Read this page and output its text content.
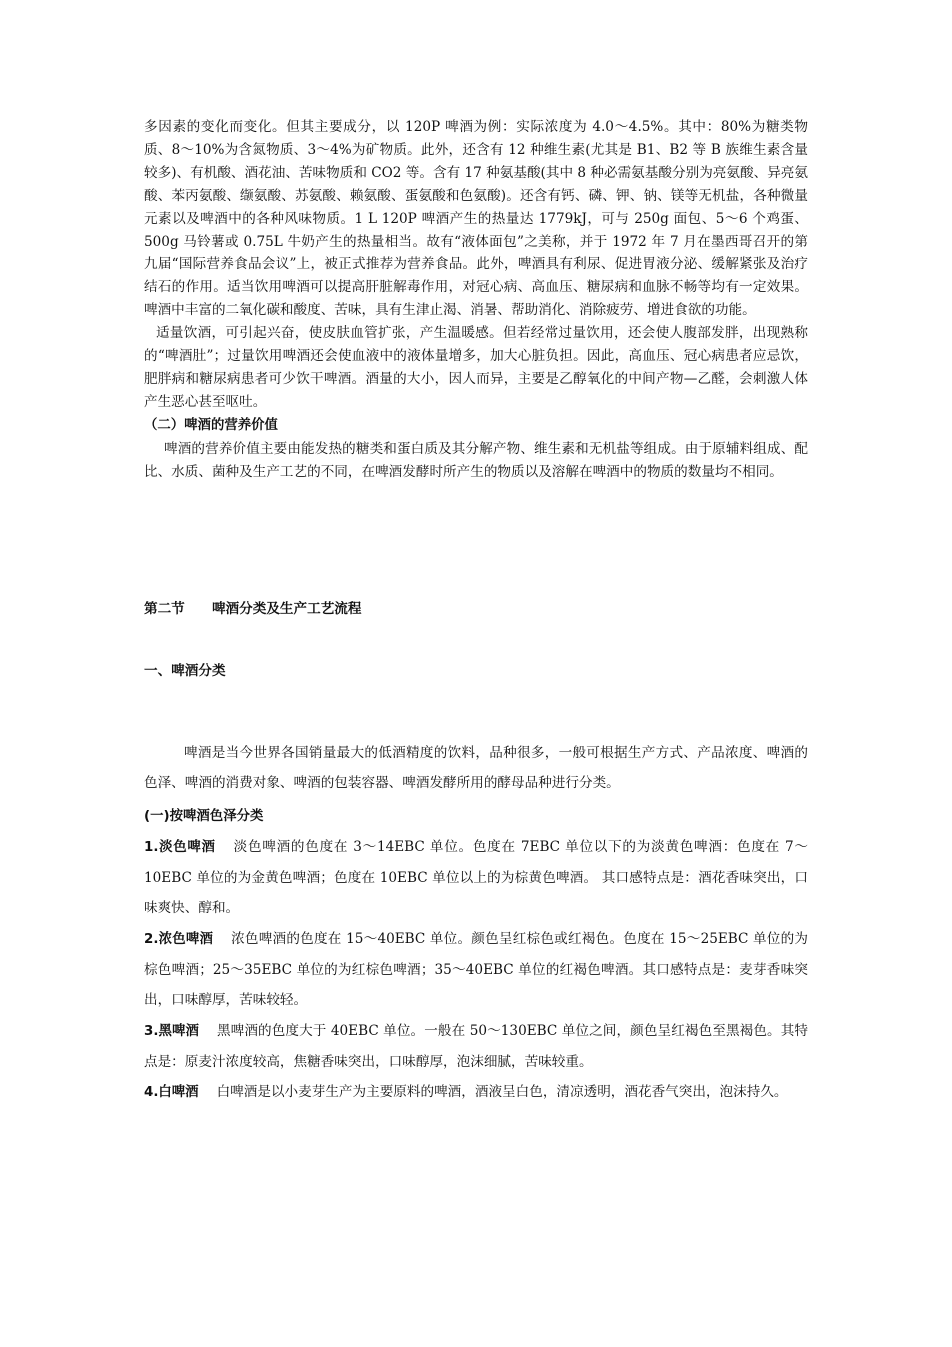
多因素的变化而变化。但其主要成分，以 120P 啤酒为例：实际浓度为 4.0～4.5%。其中：80%为糖类物质、8～10%为含氮物质、3～4%为矿物质。此外，还含有 12 种维生素(尤其是 B1、B2 等 B 族维生素含量较多)、有机酸、酒花油、苦味物质和 CO2 等。含有 17 种氨基酸(其中 8 种必需氨基酸分别为亮氨酸、异亮氨酸、苯丙氨酸、缬氨酸、苏氨酸、赖氨酸、蛋氨酸和色氨酸)。还含有钙、磷、钾、钠、镁等无机盐，各种微量元素以及啤酒中的各种风味物质。1 L 120P 啤酒产生的热量达 1779kJ，可与 250g 面包、5～6 个鸡蛋、500g 马铃薯或 0.75L 牛奶产生的热量相当。故有“液体面包”之美称，并于 1972 年 7 月在墨西哥召开的第九届“国际营养食品会议”上，被正式推荐为营养食品。此外，啤酒具有利尿、促进胃液分泌、缓解紧张及治疗结石的作用。适当饮用啤酒可以提高肝脏解毒作用，对冠心病、高血压、糖尿病和血脉不畅等均有一定效果。啤酒中丰富的二氧化碳和酸度、苦味，具有生津止渴、消暑、帮助消化、消除疲劳、增进食欲的功能。

适量饮酒，可引起兴奋，使皮肤血管扩张，产生温暖感。但若经常过量饮用，还会使人腹部发胖，出现熟称的“啤酒肚”；过量饮用啤酒还会使血液中的液体量增多，加大心脏负担。因此，高血压、冠心病患者应忌饮，肥胖病和糖尿病患者可少饮干啤酒。酒量的大小，因人而异，主要是乙醇氧化的中间产物—乙醛，会刺激人体产生恶心甚至呕吐。

（二）啤酒的营养价值

啤酒的营养价值主要由能发热的糖类和蛋白质及其分解产物、维生素和无机盐等组成。由于原辅料组成、配比、水质、菌种及生产工艺的不同，在啤酒发酵时所产生的物质以及溶解在啤酒中的物质的数量均不相同。

第二节　　啤酒分类及生产工艺流程
一、啤酒分类

啤酒是当今世界各国销量最大的低酒精度的饮料，品种很多，一般可根据生产方式、产品浓度、啤酒的色泽、啤酒的消费对象、啤酒的包装容器、啤酒发酵所用的酵母品种进行分类。

(一)按啤酒色泽分类

1.淡色啤酒 淡色啤酒的色度在 3～14EBC 单位。色度在 7EBC 单位以下的为淡黄色啤酒：色度在 7～10EBC 单位的为金黄色啤酒；色度在 10EBC 单位以上的为棕黄色啤酒。 其口感特点是：酒花香味突出，口味爽快、醇和。

2.浓色啤酒 浓色啤酒的色度在 15～40EBC 单位。颜色呈红棕色或红褐色。色度在 15～25EBC 单位的为棕色啤酒；25～35EBC 单位的为红棕色啤酒；35～40EBC 单位的红褐色啤酒。其口感特点是：麦芽香味突出，口味醇厚，苦味较轻。

3.黑啤酒 黑啤酒的色度大于 40EBC 单位。一般在 50～130EBC 单位之间，颜色呈红褐色至黑褐色。其特点是：原麦汁浓度较高，焦糖香味突出，口味醇厚，泡沫细腻，苦味较重。

4.白啤酒 白啤酒是以小麦芽生产为主要原料的啤酒，酒液呈白色，清凉透明，酒花香气突出，泡沫持久。
